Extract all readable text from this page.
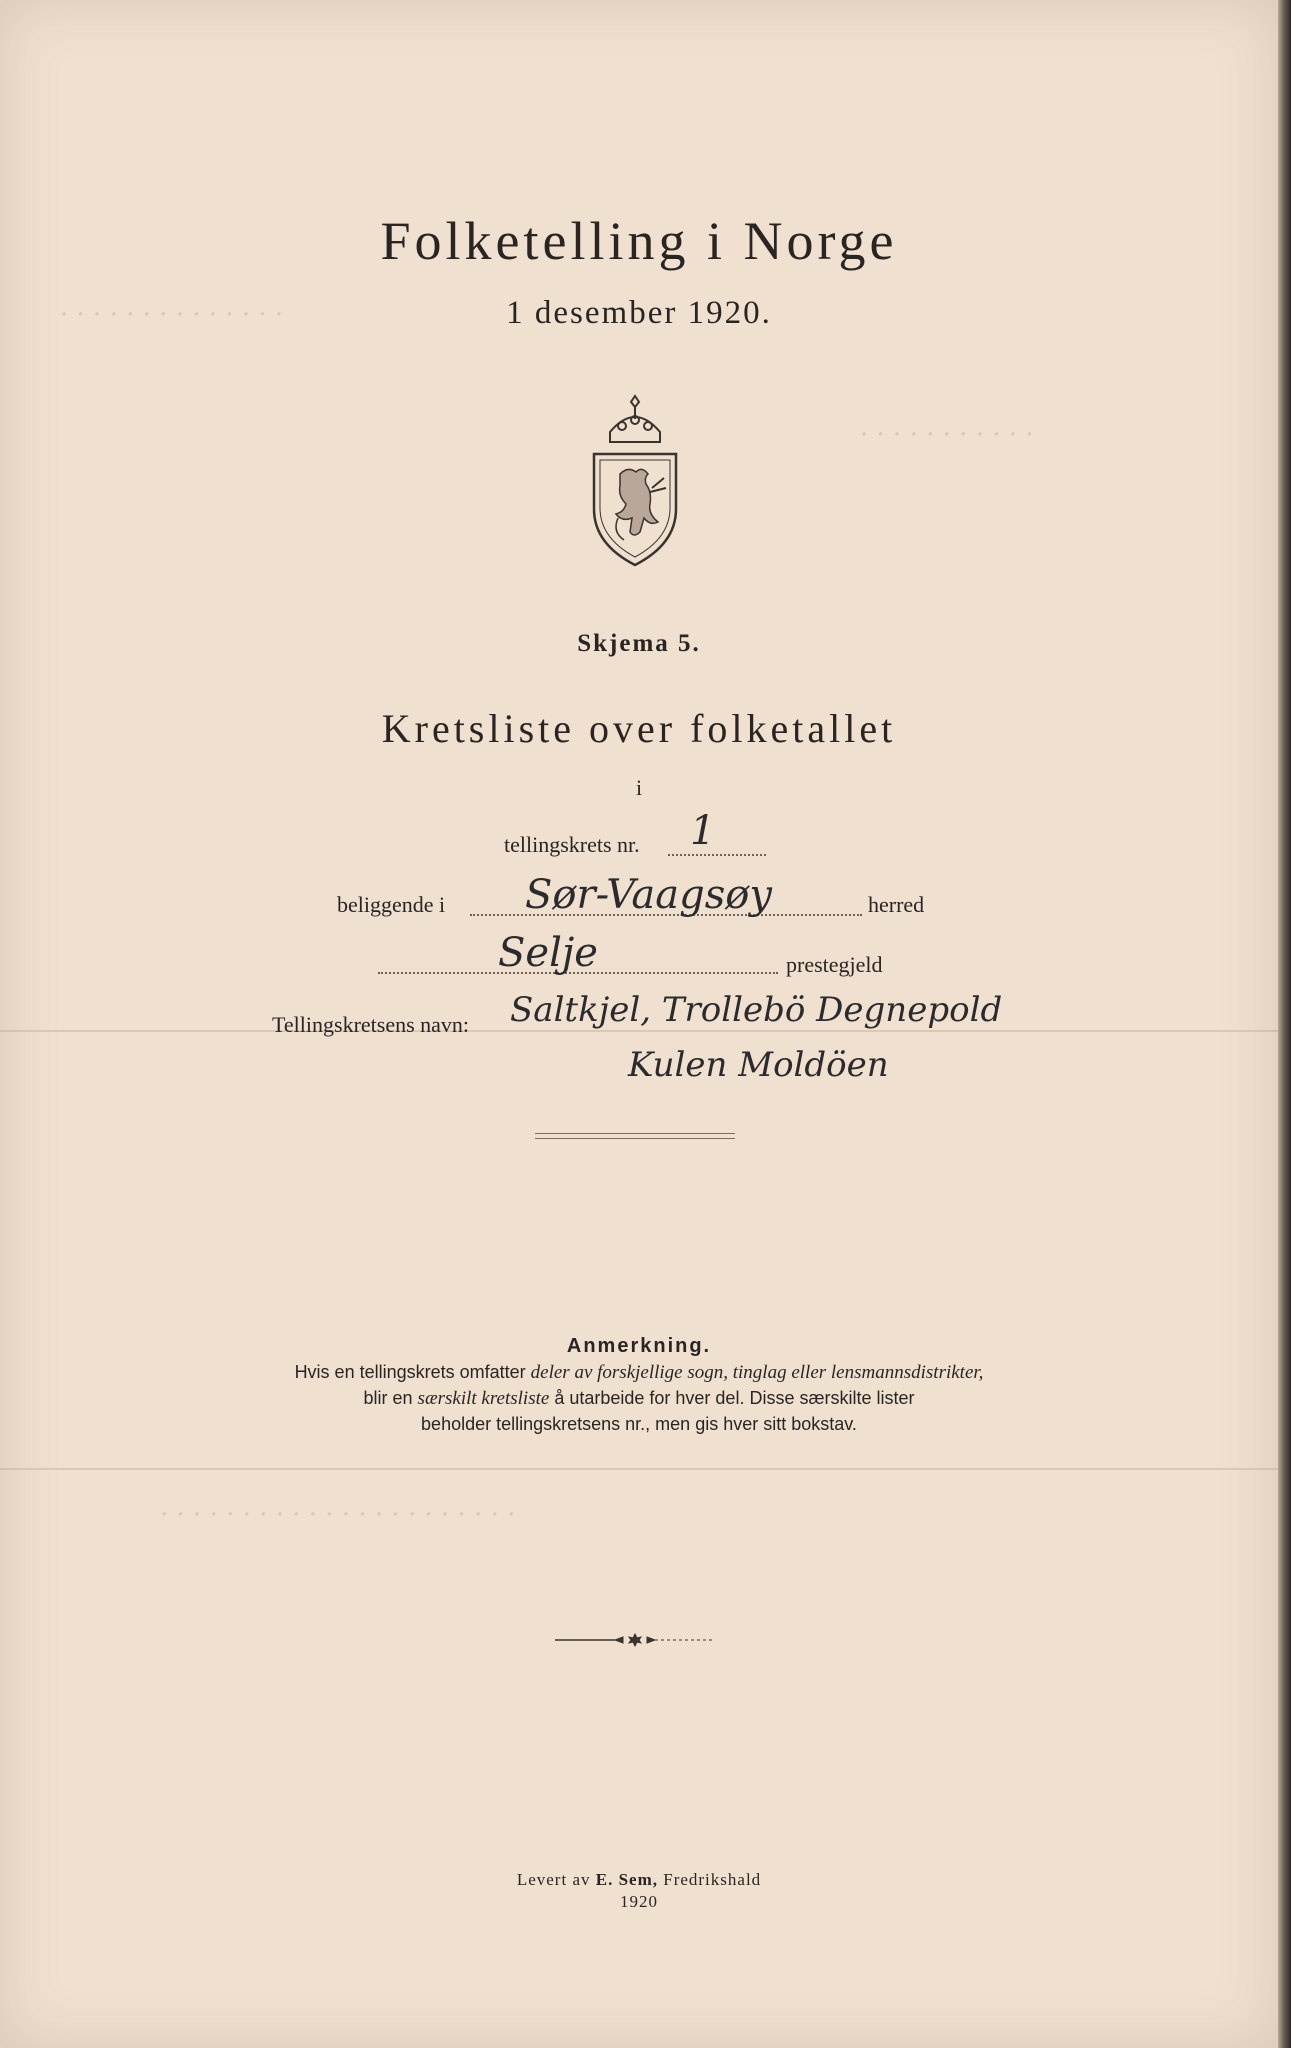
· · · · · · · · · · · · · ·
· · · · · · · · · · ·
· · · · · · · · · · · · · · · · · · · · · ·
Folketelling i Norge
1 desember 1920.
Skjema 5.
Kretsliste over folketallet
i
tellingskrets nr. 1
beliggende i Sør-Vaagsøy	herred
Selje	prestegjeld
Tellingskretsens navn: Saltkjel, Trollebö Degnepold
Kulen Moldöen
Anmerkning.
Hvis en tellingskrets omfatter deler av forskjellige sogn, tinglag eller lensmannsdistrikter,
blir en særskilt kretsliste å utarbeide for hver del. Disse særskilte lister
beholder tellingskretsens nr., men gis hver sitt bokstav.
Levert av E. Sem, Fredrikshald
1920
